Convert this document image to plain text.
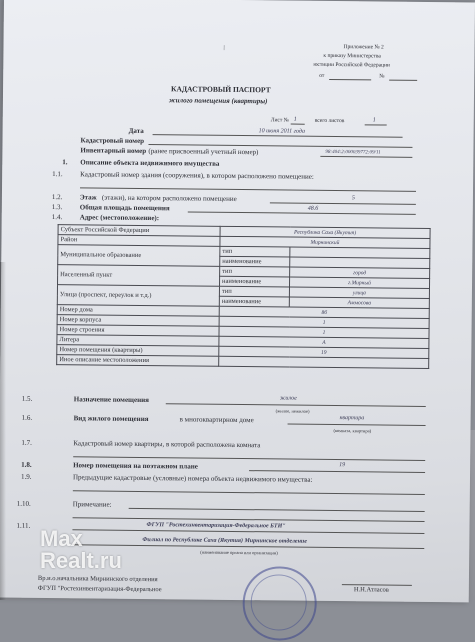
Приложение № 2
к приказу Министерства
юстиции Российской Федерации
от	№
|
КАДАСТРОВЫЙ ПАСПОРТ
жилого помещения (квартиры)
Лист № 1	всего листов	1
Дата	10 июня 2011 года
Кадастровый номер
Инвентарный номер (ранее присвоенный учетный номер)	98:404:2:000039772:09/11
1. Описание объекта недвижимого имущества
1.1. Кадастровый номер здания (сооружения), в котором расположено помещение:
1.2. Этаж (этажи), на котором расположено помещение	5
1.3. Общая площадь помещения	48.6
1.4. Адрес (местоположение):
Субъект Российской Федерации	Республика Саха (Якутия)	
Район	Мирнинский	
Муниципальное образование	тип	
	наименование	
Населенный пункт	тип	город
	наименование	г.Мирный
Улица (проспект, переулок и т.д.)	тип	улица
	наименование	Аммосова
Номер дома	8б	
Номер корпуса	1	
Номер строения	1	
Литера	А	
Номер помещения (квартиры)	19	
Иное описание местоположения		
1.5.	Назначение помещения	жилое
(жилое, нежилое)
1.6.	Вид жилого помещения	в многоквартирном доме	квартира
(комната, квартира)
1.7.	Кадастровый номер квартиры, в которой расположена комната
1.8.	Номер помещения на поэтажном плане	19
1.9.	Предыдущие кадастровые (условные) номера объекта недвижимого имущества:
1.10.	Примечание:
1.11.	ФГУП "Ростехинвентаризация-Федеральное БТИ"
Филиал по Республике Саха (Якутия) Мирнинское отделение
(наименование органа или организации)
Вр.и.о.начальника Мирнинского отделения
ФГУП "Ростехинвентаризация-Федеральное	Н.Н.Атласов
Max
Realt.ru
